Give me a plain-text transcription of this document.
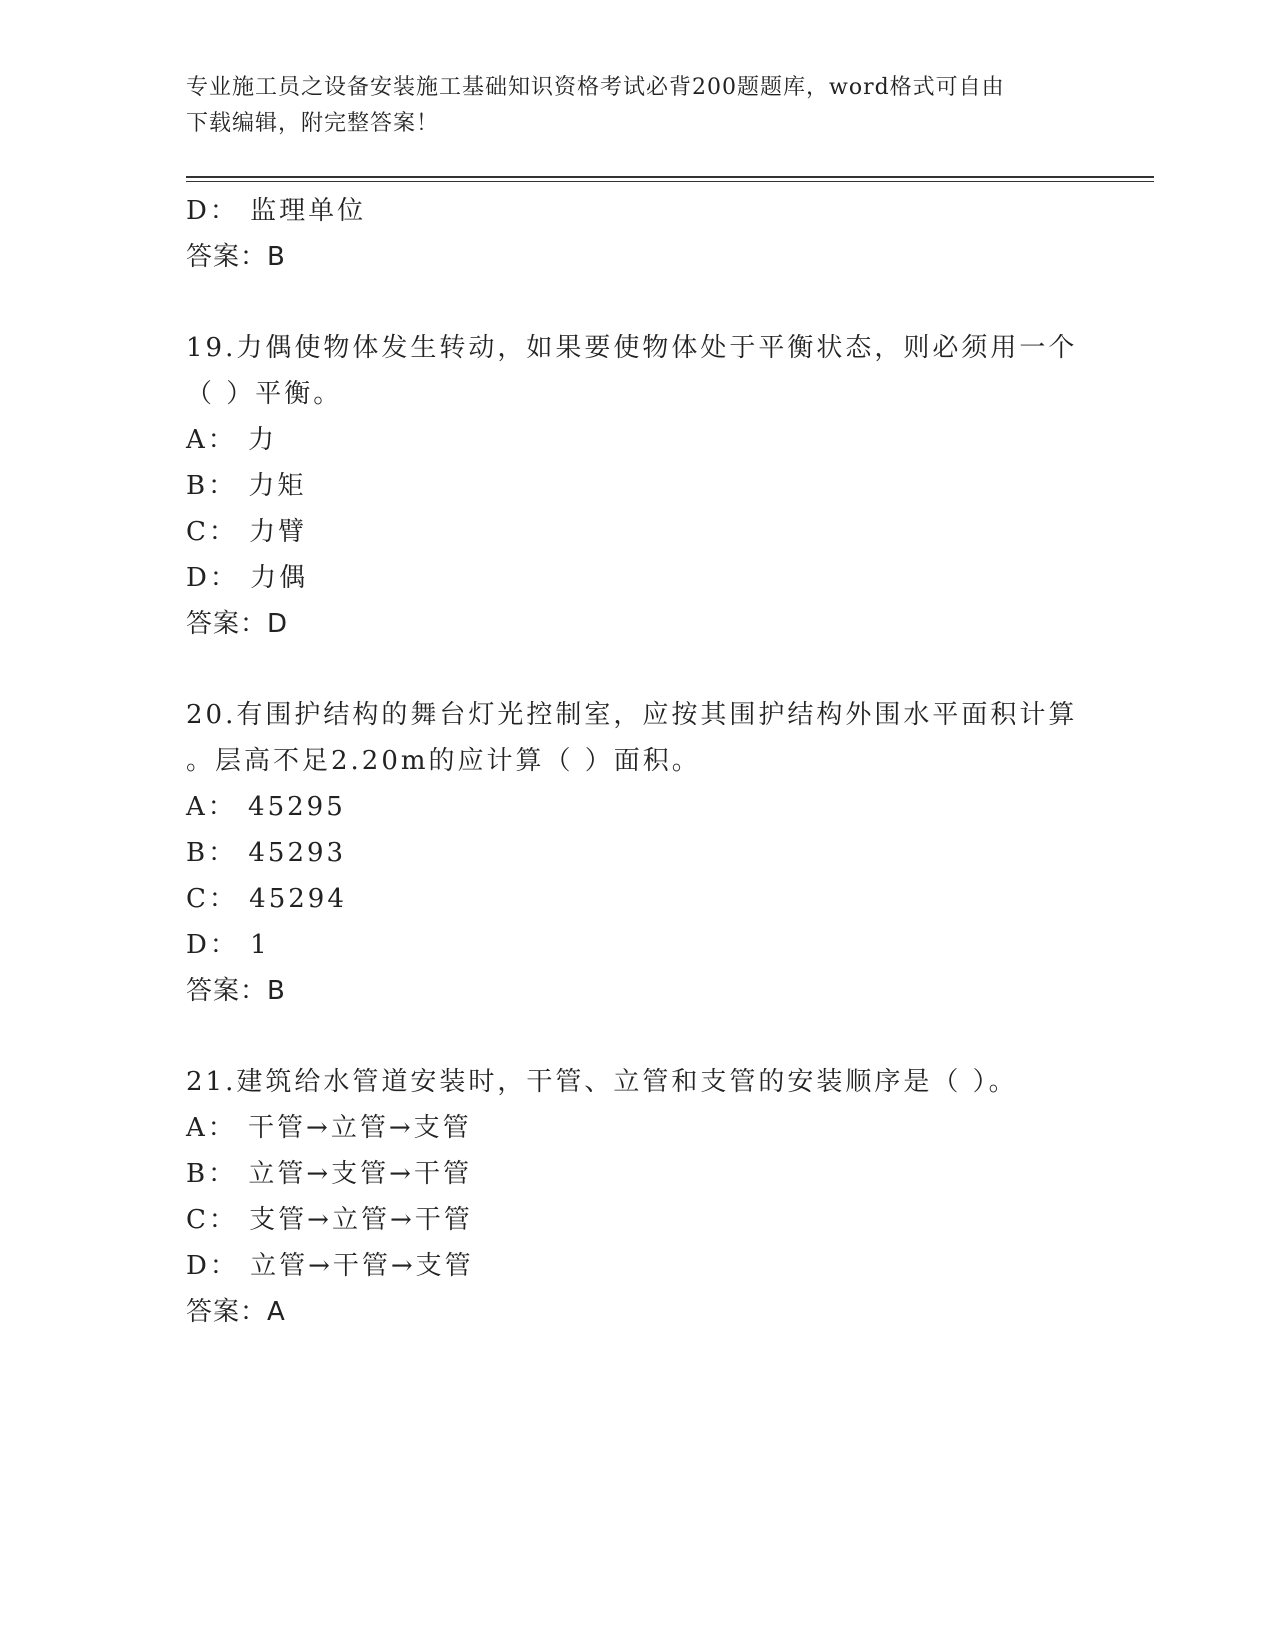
专业施工员之设备安装施工基础知识资格考试必背200题题库，word格式可自由
下载编辑，附完整答案！
D： 监理单位
答案：B
19.力偶使物体发生转动，如果要使物体处于平衡状态，则必须用一个
（ ）平衡。
A： 力
B： 力矩
C： 力臂
D： 力偶
答案：D
20.有围护结构的舞台灯光控制室，应按其围护结构外围水平面积计算
。层高不足2.20m的应计算（ ）面积。
A： 45295
B： 45293
C： 45294
D： 1
答案：B
21.建筑给水管道安装时，干管、立管和支管的安装顺序是（ ）。
A： 干管→立管→支管
B： 立管→支管→干管
C： 支管→立管→干管
D： 立管→干管→支管
答案：A
